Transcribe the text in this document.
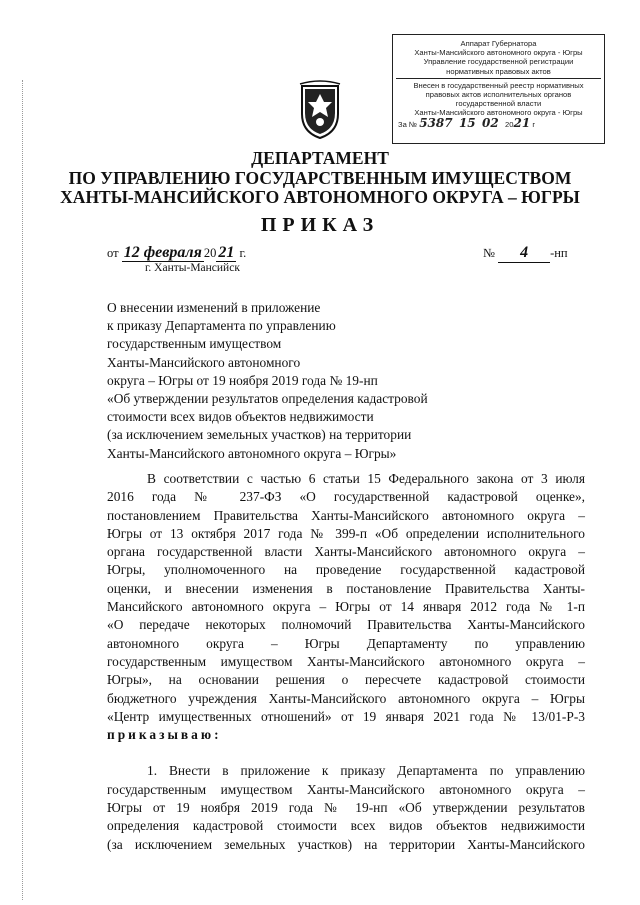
Аппарат Губернатора
Ханты-Мансийского автономного округа - Югры
Управление государственной регистрации
нормативных правовых актов
Внесен в государственный реестр нормативных
правовых актов исполнительных органов
государственной власти
Ханты-Мансийского автономного округа - Югры
За № 5387 15 02   2021 г
ДЕПАРТАМЕНТ
ПО УПРАВЛЕНИЮ ГОСУДАРСТВЕННЫМ ИМУЩЕСТВОМ
ХАНТЫ-МАНСИЙСКОГО АВТОНОМНОГО ОКРУГА – ЮГРЫ
ПРИКАЗ
от 12 февраля 20 21 г.
г. Ханты-Мансийск
№ 4 -нп
О внесении изменений в приложение
к приказу Департамента по управлению
государственным имуществом
Ханты-Мансийского автономного
округа – Югры от 19 ноября 2019 года № 19-нп
«Об утверждении результатов определения кадастровой
стоимости всех видов объектов недвижимости
(за исключением земельных участков) на территории
Ханты-Мансийского автономного округа – Югры»
В соответствии с частью 6 статьи 15 Федерального закона от 3 июля
2016 года № 237-ФЗ «О государственной кадастровой оценке»,
постановлением Правительства Ханты-Мансийского автономного округа –
Югры от 13 октября 2017 года № 399-п «Об определении исполнительного
органа государственной власти Ханты-Мансийского автономного округа –
Югры, уполномоченного на проведение государственной кадастровой
оценки, и внесении изменения в постановление Правительства Ханты-
Мансийского автономного округа – Югры от 14 января 2012 года № 1-п
«О передаче некоторых полномочий Правительства Ханты-Мансийского
автономного округа – Югры Департаменту по управлению
государственным имуществом Ханты-Мансийского автономного округа –
Югры», на основании решения о пересчете кадастровой стоимости
бюджетного учреждения Ханты-Мансийского автономного округа – Югры
«Центр имущественных отношений» от 19 января 2021 года № 13/01-Р-3
приказываю:
1. Внести в приложение к приказу Департамента по управлению
государственным имуществом Ханты-Мансийского автономного округа –
Югры от 19 ноября 2019 года № 19-нп «Об утверждении результатов
определения кадастровой стоимости всех видов объектов недвижимости
(за исключением земельных участков) на территории Ханты-Мансийского
